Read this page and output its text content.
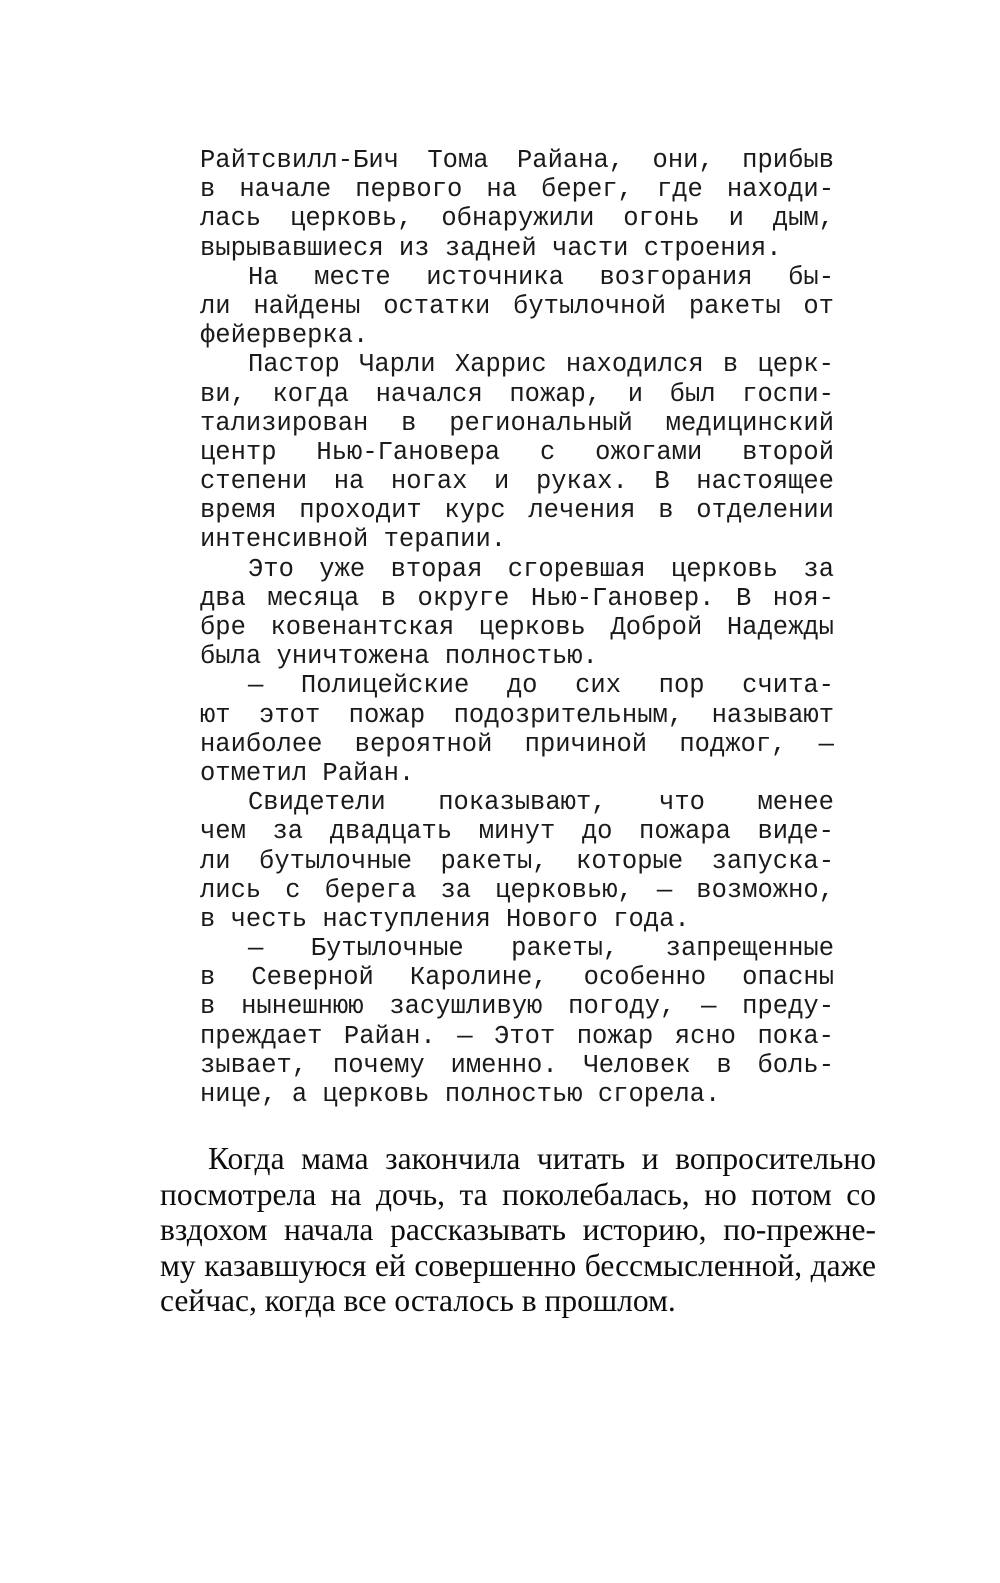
Райтсвилл-Бич Тома Райана, они, прибыв
в начале первого на берег, где находи-
лась церковь, обнаружили огонь и дым,
вырывавшиеся из задней части строения.
На месте источника возгорания бы-
ли найдены остатки бутылочной ракеты от
фейерверка.
Пастор Чарли Харрис находился в церк-
ви, когда начался пожар, и был госпи-
тализирован в региональный медицинский
центр Нью-Гановера с ожогами второй
степени на ногах и руках. В настоящее
время проходит курс лечения в отделении
интенсивной терапии.
Это уже вторая сгоревшая церковь за
два месяца в округе Нью-Гановер. В ноя-
бре ковенантская церковь Доброй Надежды
была уничтожена полностью.
— Полицейские до сих пор счита-
ют этот пожар подозрительным, называют
наиболее вероятной причиной поджог, —
отметил Райан.
Свидетели показывают, что менее
чем за двадцать минут до пожара виде-
ли бутылочные ракеты, которые запуска-
лись с берега за церковью, — возможно,
в честь наступления Нового года.
— Бутылочные ракеты, запрещенные
в Северной Каролине, особенно опасны
в нынешнюю засушливую погоду, — преду-
преждает Райан. — Этот пожар ясно пока-
зывает, почему именно. Человек в боль-
нице, а церковь полностью сгорела.
Когда мама закончила читать и вопросительно
посмотрела на дочь, та поколебалась, но потом со
вздохом начала рассказывать историю, по-прежне-
му казавшуюся ей совершенно бессмысленной, даже
сейчас, когда все осталось в прошлом.
